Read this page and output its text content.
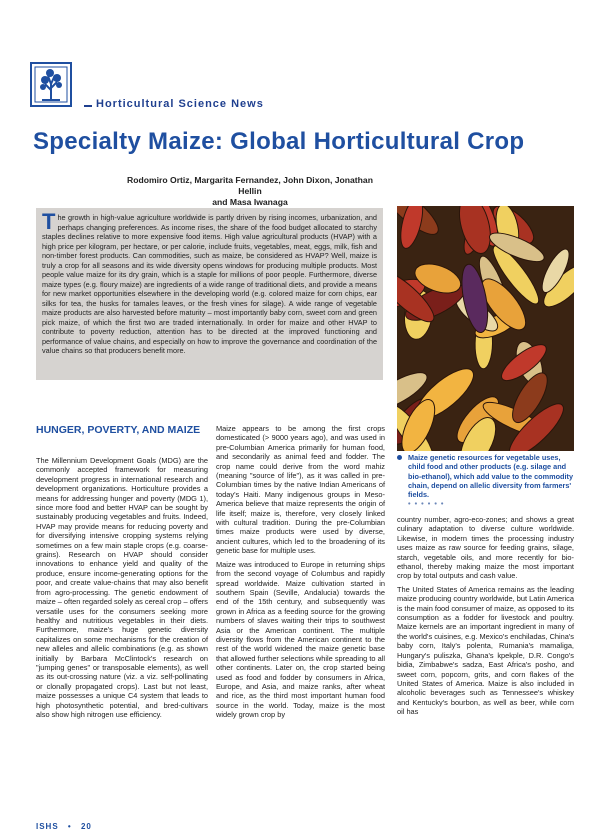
Horticultural Science News
Specialty Maize: Global Horticultural Crop
Rodomiro Ortiz, Margarita Fernandez, John Dixon, Jonathan Hellin
and Masa Iwanaga

The growth in high-value agriculture worldwide is partly driven by rising incomes, urbanization, and perhaps changing preferences. As income rises, the share of the food budget allocated to starchy staples declines relative to more expensive food items. High value agricultural products (HVAP) with a high price per kilogram, per hectare, or per calorie, include fruits, vegetables, meat, eggs, milk, fish and non-timber forest products. Can commodities, such as maize, be considered as HVAP? Well, maize is truly a crop for all seasons and its wide diversity opens windows for producing multiple products. Most people value maize for its dry grain, which is a staple for millions of poor people. Furthermore, diverse maize types (e.g. floury maize) are ingredients of a wide range of traditional diets, and provide a means for new market opportunities elsewhere in the developing world (e.g. colored maize for corn chips, ear silks for tea, the husks for tamales leaves, or the fresh vines for silage). A wide range of vegetable maize products are also harvested before maturity – most importantly baby corn, sweet corn and green pick maize, of which the first two are traded internationally. In order for maize and other HVAP to contribute to poverty reduction, attention has to be directed at the improved functioning and performance of value chains, and especially on how to improve the governance and coordination of the value chains so that producers benefit more.

Maize genetic resources for vegetable uses, child food and other products (e.g. silage and bio-ethanol), which add value to the commodity chain, depend on allelic diversity from farmers' fields.
• • • • • •
HUNGER, POVERTY, AND MAIZE

The Millennium Development Goals (MDG) are the commonly accepted framework for measuring development progress in international research and development organizations. Horticulture provides a means for addressing hunger and poverty (MDG 1), since more food and better HVAP can be sought by sustainably producing vegetables and fruits. Indeed, HVAP may provide means for reducing poverty and for diversifying intensive cropping systems relying sometimes on a few main staple crops (e.g. coarse-grains). Research on HVAP should consider innovations to enhance yield and quality of the produce, ensure income-generating options for the poor, and create value-chains that may also benefit from agro-processing. The genetic endowment of maize – often regarded solely as cereal crop – offers versatile uses for the consumers seeking more healthy and nutritious vegetables in their diets. Furthermore, maize's huge genetic diversity capitalizes on some mechanisms for the creation of new alleles and allelic combinations (e.g. as shown initially by Barbara McClintock's research on "jumping genes" or transposable elements), as well as its out-crossing nature (viz. a viz. self-pollinating or clonally propagated crops). Last but not least, maize possesses a unique C4 system that leads to high photosynthetic potential, and bred-cultivars also show high nitrogen use efficiency.

Maize appears to be among the first crops domesticated (> 9000 years ago), and was used in pre-Columbian America primarily for human food, and secondarily as animal feed and fodder. The crop name could derive from the word mahiz (meaning "source of life"), as it was called in pre-Columbian times by the native Indian Americans of today's Haiti. Many indigenous groups in Meso-America believe that maize represents the origin of life itself; maize is, therefore, very closely linked with cultural tradition. During the pre-Columbian times maize products were used by diverse, ancient cultures, which led to the broadening of its genetic base for multiple uses.

Maize was introduced to Europe in returning ships from the second voyage of Columbus and rapidly spread worldwide. Maize cultivation started in southern Spain (Seville, Andalucia) towards the end of the 15th century, and subsequently was grown in Africa as a feeding source for the growing numbers of slaves waiting their trips to southwest Asia or the American continent. The multiple diversity flows from the American continent to the rest of the world widened the maize genetic base that allowed further selections while spreading to all other continents. Later on, the crop started being used as food and fodder by consumers in Africa, Europe, and Asia, and maize ranks, after wheat and rice, as the third most important human food source in the world. Today, maize is the most widely grown crop by

country number, agro-eco-zones; and shows a great culinary adaptation to diverse culture worldwide. Likewise, in modern times the processing industry uses maize as raw source for feeding grains, silage, starch, vegetable oils, and more recently for bio-ethanol, thereby making maize the most important crop by total outputs and cash value.

The United States of America remains as the leading maize producing country worldwide, but Latin America is the main food consumer of maize, as opposed to its consumption as a fodder for livestock and poultry. Maize kernels are an important ingredient in many of the world's cuisines, e.g. Mexico's enchiladas, China's baby corn, Italy's polenta, Rumania's mamaliga, Hungary's puliszka, Ghana's kpekple, D.R. Congo's bidia, Zimbabwe's sadza, East Africa's posho, and sweet corn, popcorn, grits, and corn flakes of the United States of America. Maize is also included in alcoholic beverages such as Tennessee's whiskey and Kentucky's bourbon, as well as beer, while corn oil has

ISHS • 20
